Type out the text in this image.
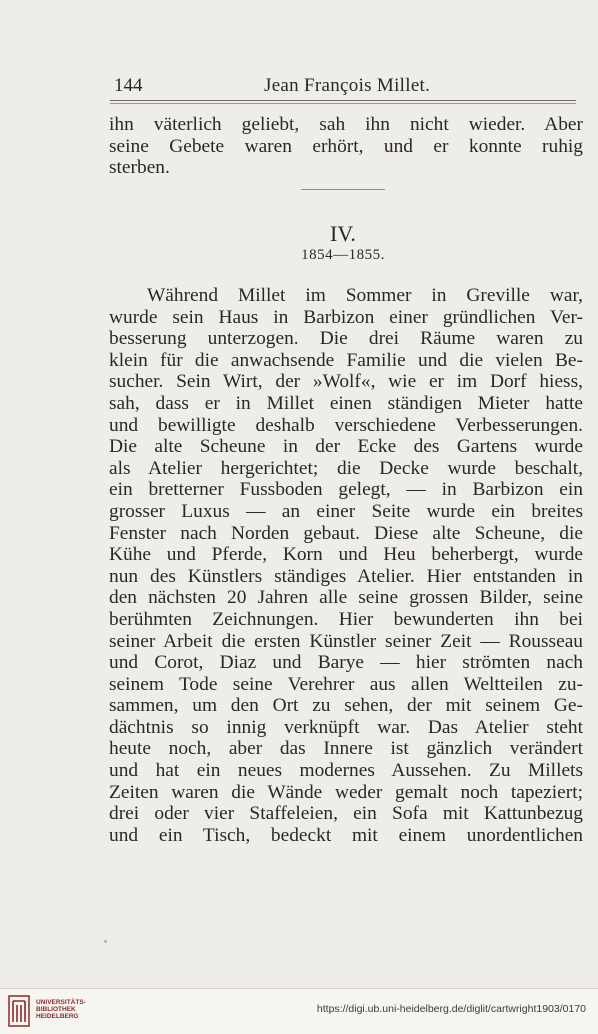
144	Jean François Millet.
ihn väterlich geliebt, sah ihn nicht wieder. Aber
seine Gebete waren erhört, und er konnte ruhig
sterben.
IV.
1854—1855.
Während Millet im Sommer in Greville war,
wurde sein Haus in Barbizon einer gründlichen Ver-
besserung unterzogen. Die drei Räume waren zu
klein für die anwachsende Familie und die vielen Be-
sucher. Sein Wirt, der »Wolf«, wie er im Dorf hiess,
sah, dass er in Millet einen ständigen Mieter hatte
und bewilligte deshalb verschiedene Verbesserungen.
Die alte Scheune in der Ecke des Gartens wurde
als Atelier hergerichtet; die Decke wurde beschalt,
ein bretterner Fussboden gelegt, — in Barbizon ein
grosser Luxus — an einer Seite wurde ein breites
Fenster nach Norden gebaut. Diese alte Scheune, die
Kühe und Pferde, Korn und Heu beherbergt, wurde
nun des Künstlers ständiges Atelier. Hier entstanden in
den nächsten 20 Jahren alle seine grossen Bilder, seine
berühmten Zeichnungen. Hier bewunderten ihn bei
seiner Arbeit die ersten Künstler seiner Zeit — Rousseau
und Corot, Diaz und Barye — hier strömten nach
seinem Tode seine Verehrer aus allen Weltteilen zu-
sammen, um den Ort zu sehen, der mit seinem Ge-
dächtnis so innig verknüpft war. Das Atelier steht
heute noch, aber das Innere ist gänzlich verändert
und hat ein neues modernes Aussehen. Zu Millets
Zeiten waren die Wände weder gemalt noch tapeziert;
drei oder vier Staffeleien, ein Sofa mit Kattunbezug
und ein Tisch, bedeckt mit einem unordentlichen
UNIVERSITÄTS-
BIBLIOTHEK
HEIDELBERG
https://digi.ub.uni-heidelberg.de/diglit/cartwright1903/0170
